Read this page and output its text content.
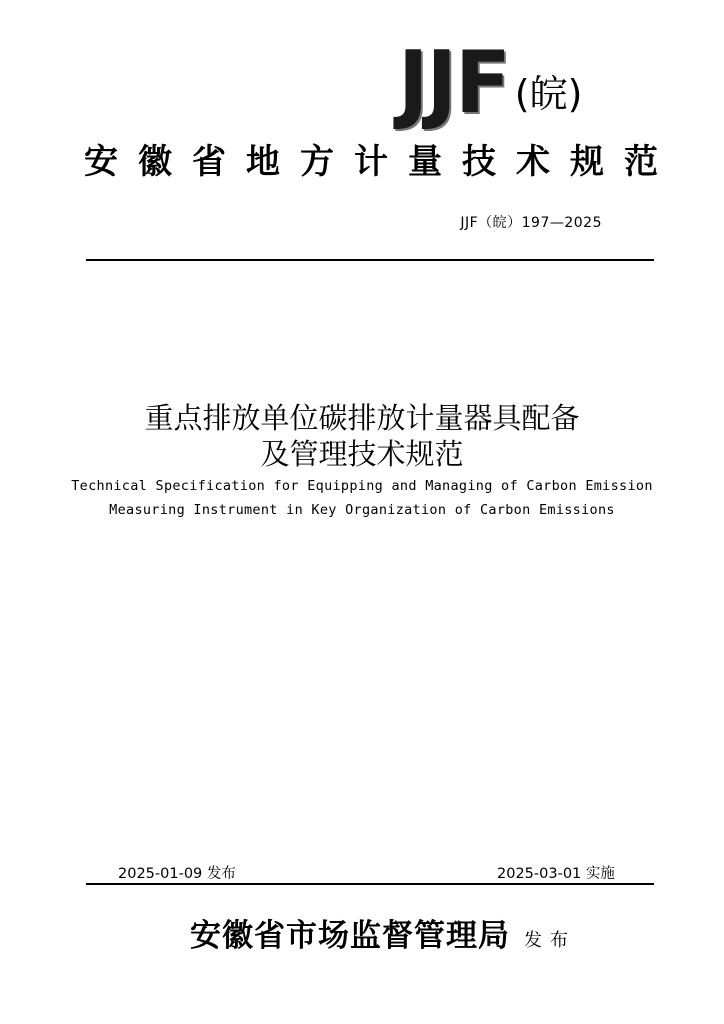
JJF (皖)
安徽省地方计量技术规范
JJF（皖）197—2025
重点排放单位碳排放计量器具配备
及管理技术规范
Technical Specification for Equipping and Managing of Carbon Emission
Measuring Instrument in Key Organization of Carbon Emissions
2025-01-09 发布	2025-03-01 实施
安徽省市场监督管理局 发布
